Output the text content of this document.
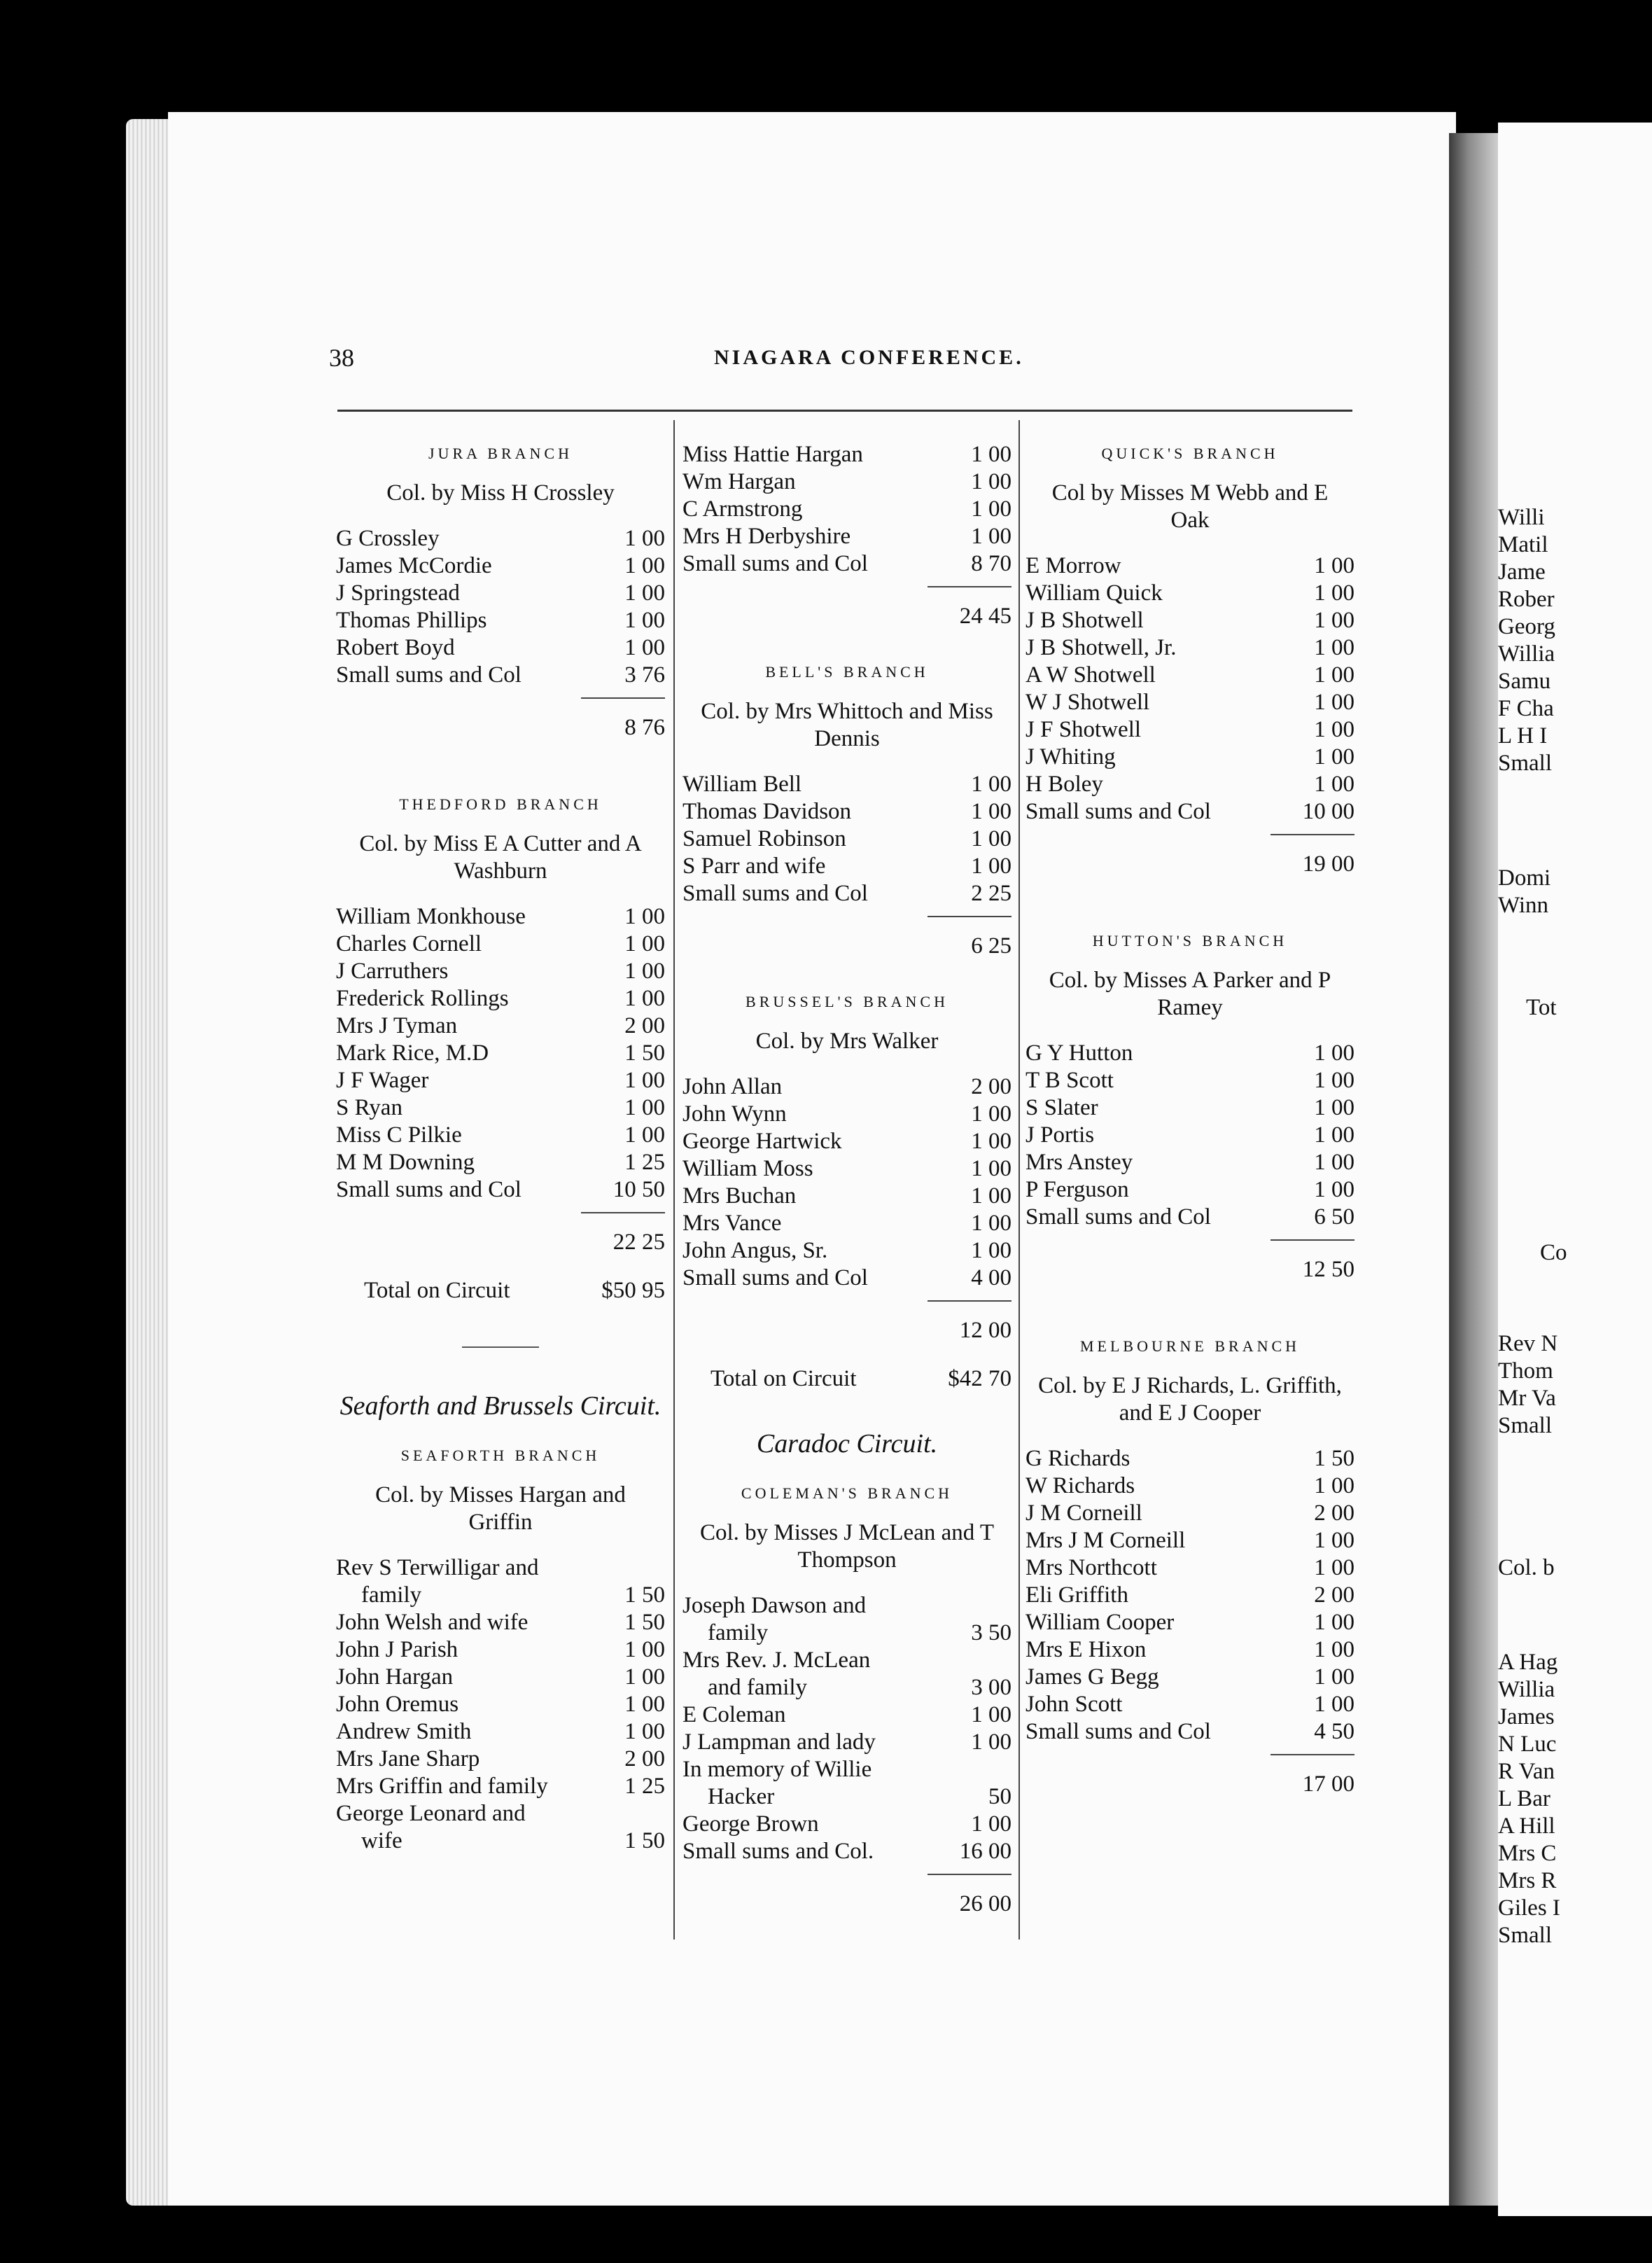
Willi
Matil
Jame
Rober
Georg
Willia
Samu
F Cha
L H I
Small
Domi
Winn
Tot
Co
Rev N
Thom
Mr Va
Small
Col. b
A Hag
Willia
James
N Luc
R Van
L Bar
A Hill
Mrs C
Mrs R
Giles I
Small
38	NIAGARA CONFERENCE.
JURA BRANCH
Col. by Miss H Crossley
G Crossley	1 00
James McCordie	1 00
J Springstead	1 00
Thomas Phillips	1 00
Robert Boyd	1 00
Small sums and Col	3 76
8 76
THEDFORD BRANCH
Col. by Miss E A Cutter and A Washburn
William Monkhouse	1 00
Charles Cornell	1 00
J Carruthers	1 00
Frederick Rollings	1 00
Mrs J Tyman	2 00
Mark Rice, M.D	1 50
J F Wager	1 00
S Ryan	1 00
Miss C Pilkie	1 00
M M Downing	1 25
Small sums and Col	10 50
22 25
Total on Circuit	$50 95
Seaforth and Brussels Circuit.
SEAFORTH BRANCH
Col. by Misses Hargan and Griffin
Rev S Terwilligar and
family	1 50
John Welsh and wife	1 50
John J Parish	1 00
John Hargan	1 00
John Oremus	1 00
Andrew Smith	1 00
Mrs Jane Sharp	2 00
Mrs Griffin and family	1 25
George Leonard and
wife	1 50
Miss Hattie Hargan	1 00
Wm Hargan	1 00
C Armstrong	1 00
Mrs H Derbyshire	1 00
Small sums and Col	8 70
24 45
BELL'S BRANCH
Col. by Mrs Whittoch and Miss Dennis
William Bell	1 00
Thomas Davidson	1 00
Samuel Robinson	1 00
S Parr and wife	1 00
Small sums and Col	2 25
6 25
BRUSSEL'S BRANCH
Col. by Mrs Walker
John Allan	2 00
John Wynn	1 00
George Hartwick	1 00
William Moss	1 00
Mrs Buchan	1 00
Mrs Vance	1 00
John Angus, Sr.	1 00
Small sums and Col	4 00
12 00
Total on Circuit	$42 70
Caradoc Circuit.
COLEMAN'S BRANCH
Col. by Misses J McLean and T Thompson
Joseph Dawson and
family	3 50
Mrs Rev. J. McLean
and family	3 00
E Coleman	1 00
J Lampman and lady	1 00
In memory of Willie
Hacker	50
George Brown	1 00
Small sums and Col.	16 00
26 00
QUICK'S BRANCH
Col by Misses M Webb and E Oak
E Morrow	1 00
William Quick	1 00
J B Shotwell	1 00
J B Shotwell, Jr.	1 00
A W Shotwell	1 00
W J Shotwell	1 00
J F Shotwell	1 00
J Whiting	1 00
H Boley	1 00
Small sums and Col	10 00
19 00
HUTTON'S BRANCH
Col. by Misses A Parker and P Ramey
G Y Hutton	1 00
T B Scott	1 00
S Slater	1 00
J Portis	1 00
Mrs Anstey	1 00
P Ferguson	1 00
Small sums and Col	6 50
12 50
MELBOURNE BRANCH
Col. by E J Richards, L. Griffith, and E J Cooper
G Richards	1 50
W Richards	1 00
J M Corneill	2 00
Mrs J M Corneill	1 00
Mrs Northcott	1 00
Eli Griffith	2 00
William Cooper	1 00
Mrs E Hixon	1 00
James G Begg	1 00
John Scott	1 00
Small sums and Col	4 50
17 00
